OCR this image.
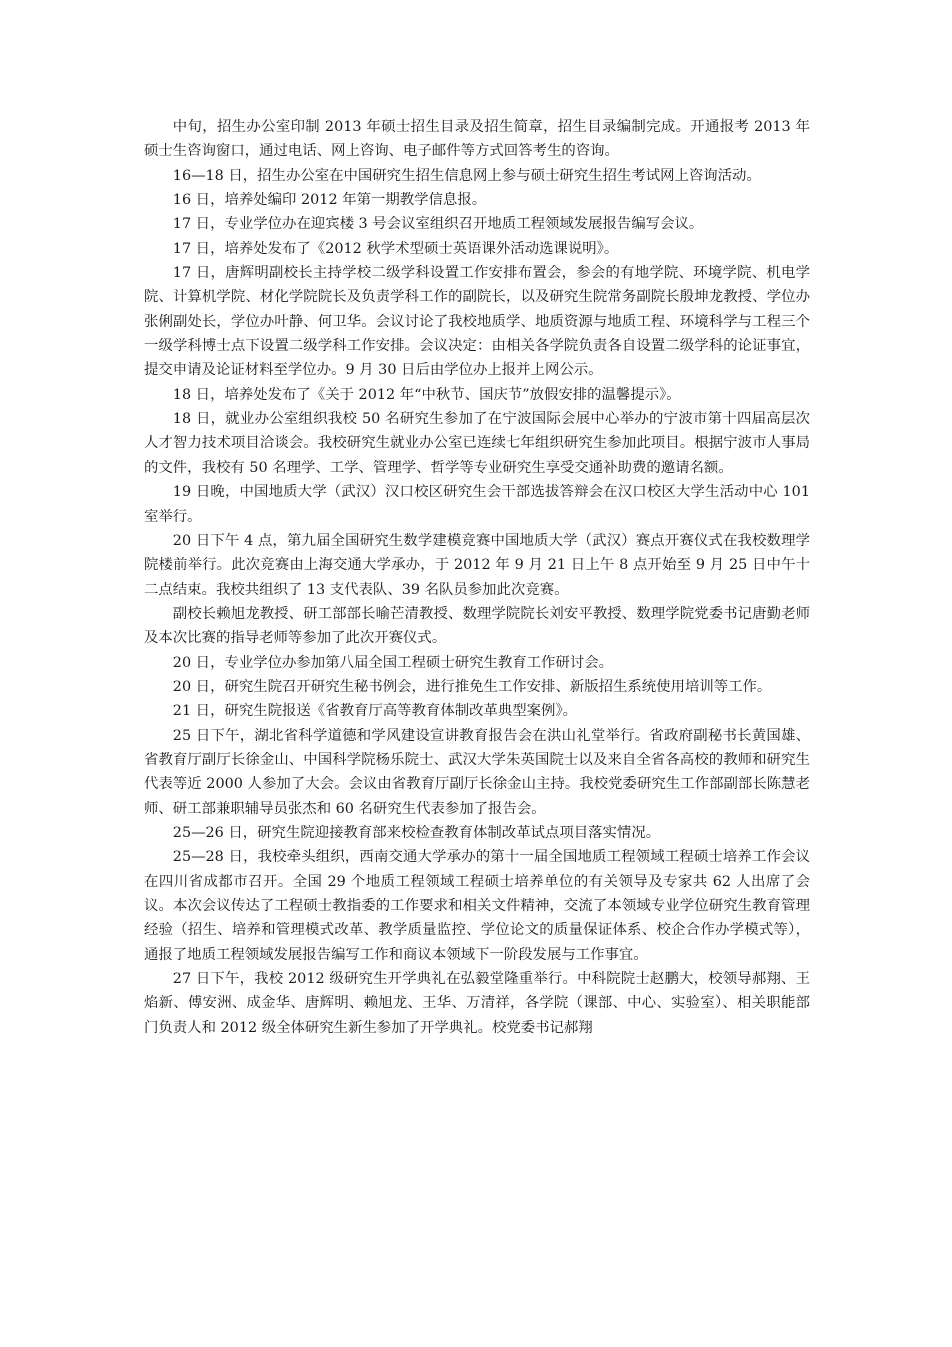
中旬，招生办公室印制 2013 年硕士招生目录及招生简章，招生目录编制完成。开通报考 2013 年硕士生咨询窗口，通过电话、网上咨询、电子邮件等方式回答考生的咨询。

16—18 日，招生办公室在中国研究生招生信息网上参与硕士研究生招生考试网上咨询活动。

16 日，培养处编印 2012 年第一期教学信息报。

17 日，专业学位办在迎宾楼 3 号会议室组织召开地质工程领域发展报告编写会议。

17 日，培养处发布了《2012 秋学术型硕士英语课外活动选课说明》。

17 日，唐辉明副校长主持学校二级学科设置工作安排布置会，参会的有地学院、环境学院、机电学院、计算机学院、材化学院院长及负责学科工作的副院长，以及研究生院常务副院长殷坤龙教授、学位办张俐副处长，学位办叶静、何卫华。会议讨论了我校地质学、地质资源与地质工程、环境科学与工程三个一级学科博士点下设置二级学科工作安排。会议决定：由相关各学院负责各自设置二级学科的论证事宜，提交申请及论证材料至学位办。9 月 30 日后由学位办上报并上网公示。

18 日，培养处发布了《关于 2012 年“中秋节、国庆节”放假安排的温馨提示》。

18 日，就业办公室组织我校 50 名研究生参加了在宁波国际会展中心举办的宁波市第十四届高层次人才智力技术项目洽谈会。我校研究生就业办公室已连续七年组织研究生参加此项目。根据宁波市人事局的文件，我校有 50 名理学、工学、管理学、哲学等专业研究生享受交通补助费的邀请名额。

19 日晚，中国地质大学（武汉）汉口校区研究生会干部选拔答辩会在汉口校区大学生活动中心 101 室举行。

20 日下午 4 点，第九届全国研究生数学建模竞赛中国地质大学（武汉）赛点开赛仪式在我校数理学院楼前举行。此次竞赛由上海交通大学承办，于 2012 年 9 月 21 日上午 8 点开始至 9 月 25 日中午十二点结束。我校共组织了 13 支代表队、39 名队员参加此次竞赛。

副校长赖旭龙教授、研工部部长喻芒清教授、数理学院院长刘安平教授、数理学院党委书记唐勤老师及本次比赛的指导老师等参加了此次开赛仪式。

20 日，专业学位办参加第八届全国工程硕士研究生教育工作研讨会。

20 日，研究生院召开研究生秘书例会，进行推免生工作安排、新版招生系统使用培训等工作。

21 日，研究生院报送《省教育厅高等教育体制改革典型案例》。

25 日下午，湖北省科学道德和学风建设宣讲教育报告会在洪山礼堂举行。省政府副秘书长黄国雄、省教育厅副厅长徐金山、中国科学院杨乐院士、武汉大学朱英国院士以及来自全省各高校的教师和研究生代表等近 2000 人参加了大会。会议由省教育厅副厅长徐金山主持。我校党委研究生工作部副部长陈慧老师、研工部兼职辅导员张杰和 60 名研究生代表参加了报告会。

25—26 日，研究生院迎接教育部来校检查教育体制改革试点项目落实情况。

25—28 日，我校牵头组织，西南交通大学承办的第十一届全国地质工程领域工程硕士培养工作会议在四川省成都市召开。全国 29 个地质工程领域工程硕士培养单位的有关领导及专家共 62 人出席了会议。本次会议传达了工程硕士教指委的工作要求和相关文件精神，交流了本领域专业学位研究生教育管理经验（招生、培养和管理模式改革、教学质量监控、学位论文的质量保证体系、校企合作办学模式等），通报了地质工程领域发展报告编写工作和商议本领域下一阶段发展与工作事宜。

27 日下午，我校 2012 级研究生开学典礼在弘毅堂隆重举行。中科院院士赵鹏大，校领导郝翔、王焰新、傅安洲、成金华、唐辉明、赖旭龙、王华、万清祥，各学院（课部、中心、实验室）、相关职能部门负责人和 2012 级全体研究生新生参加了开学典礼。校党委书记郝翔
